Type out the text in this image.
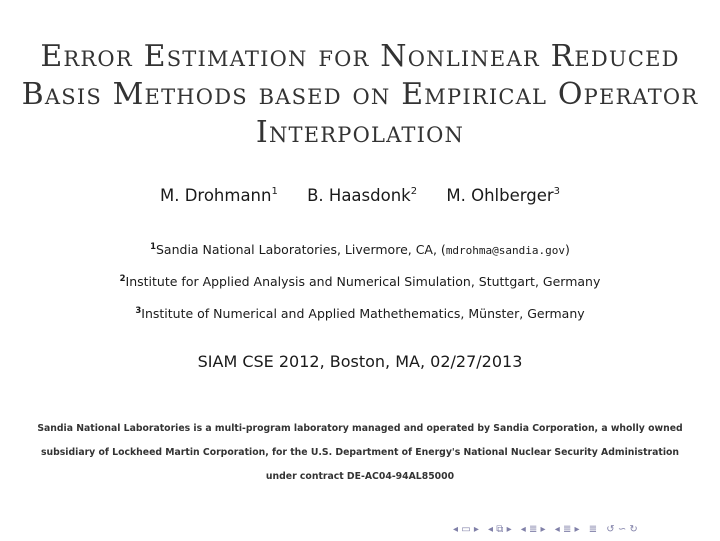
Error Estimation for Nonlinear Reduced
Basis Methods based on Empirical Operator
Interpolation
M. Drohmann$^1$ B. Haasdonk$^2$ M. Ohlberger$^3$
$^1$Sandia National Laboratories, Livermore, CA, (mdrohma@sandia.gov)
$^2$Institute for Applied Analysis and Numerical Simulation, Stuttgart, Germany
$^3$Institute of Numerical and Applied Mathethematics, Münster, Germany
SIAM CSE 2012, Boston, MA, 02/27/2013
Sandia National Laboratories is a multi-program laboratory managed and operated by Sandia Corporation, a wholly owned
subsidiary of Lockheed Martin Corporation, for the U.S. Department of Energy's National Nuclear Security Administration
under contract DE-AC04-94AL85000
◂ ▭ ▸ ◂ ⧉ ▸ ◂ ≣ ▸ ◂ ≣ ▸ ≣ ↺ ∽ ↻
